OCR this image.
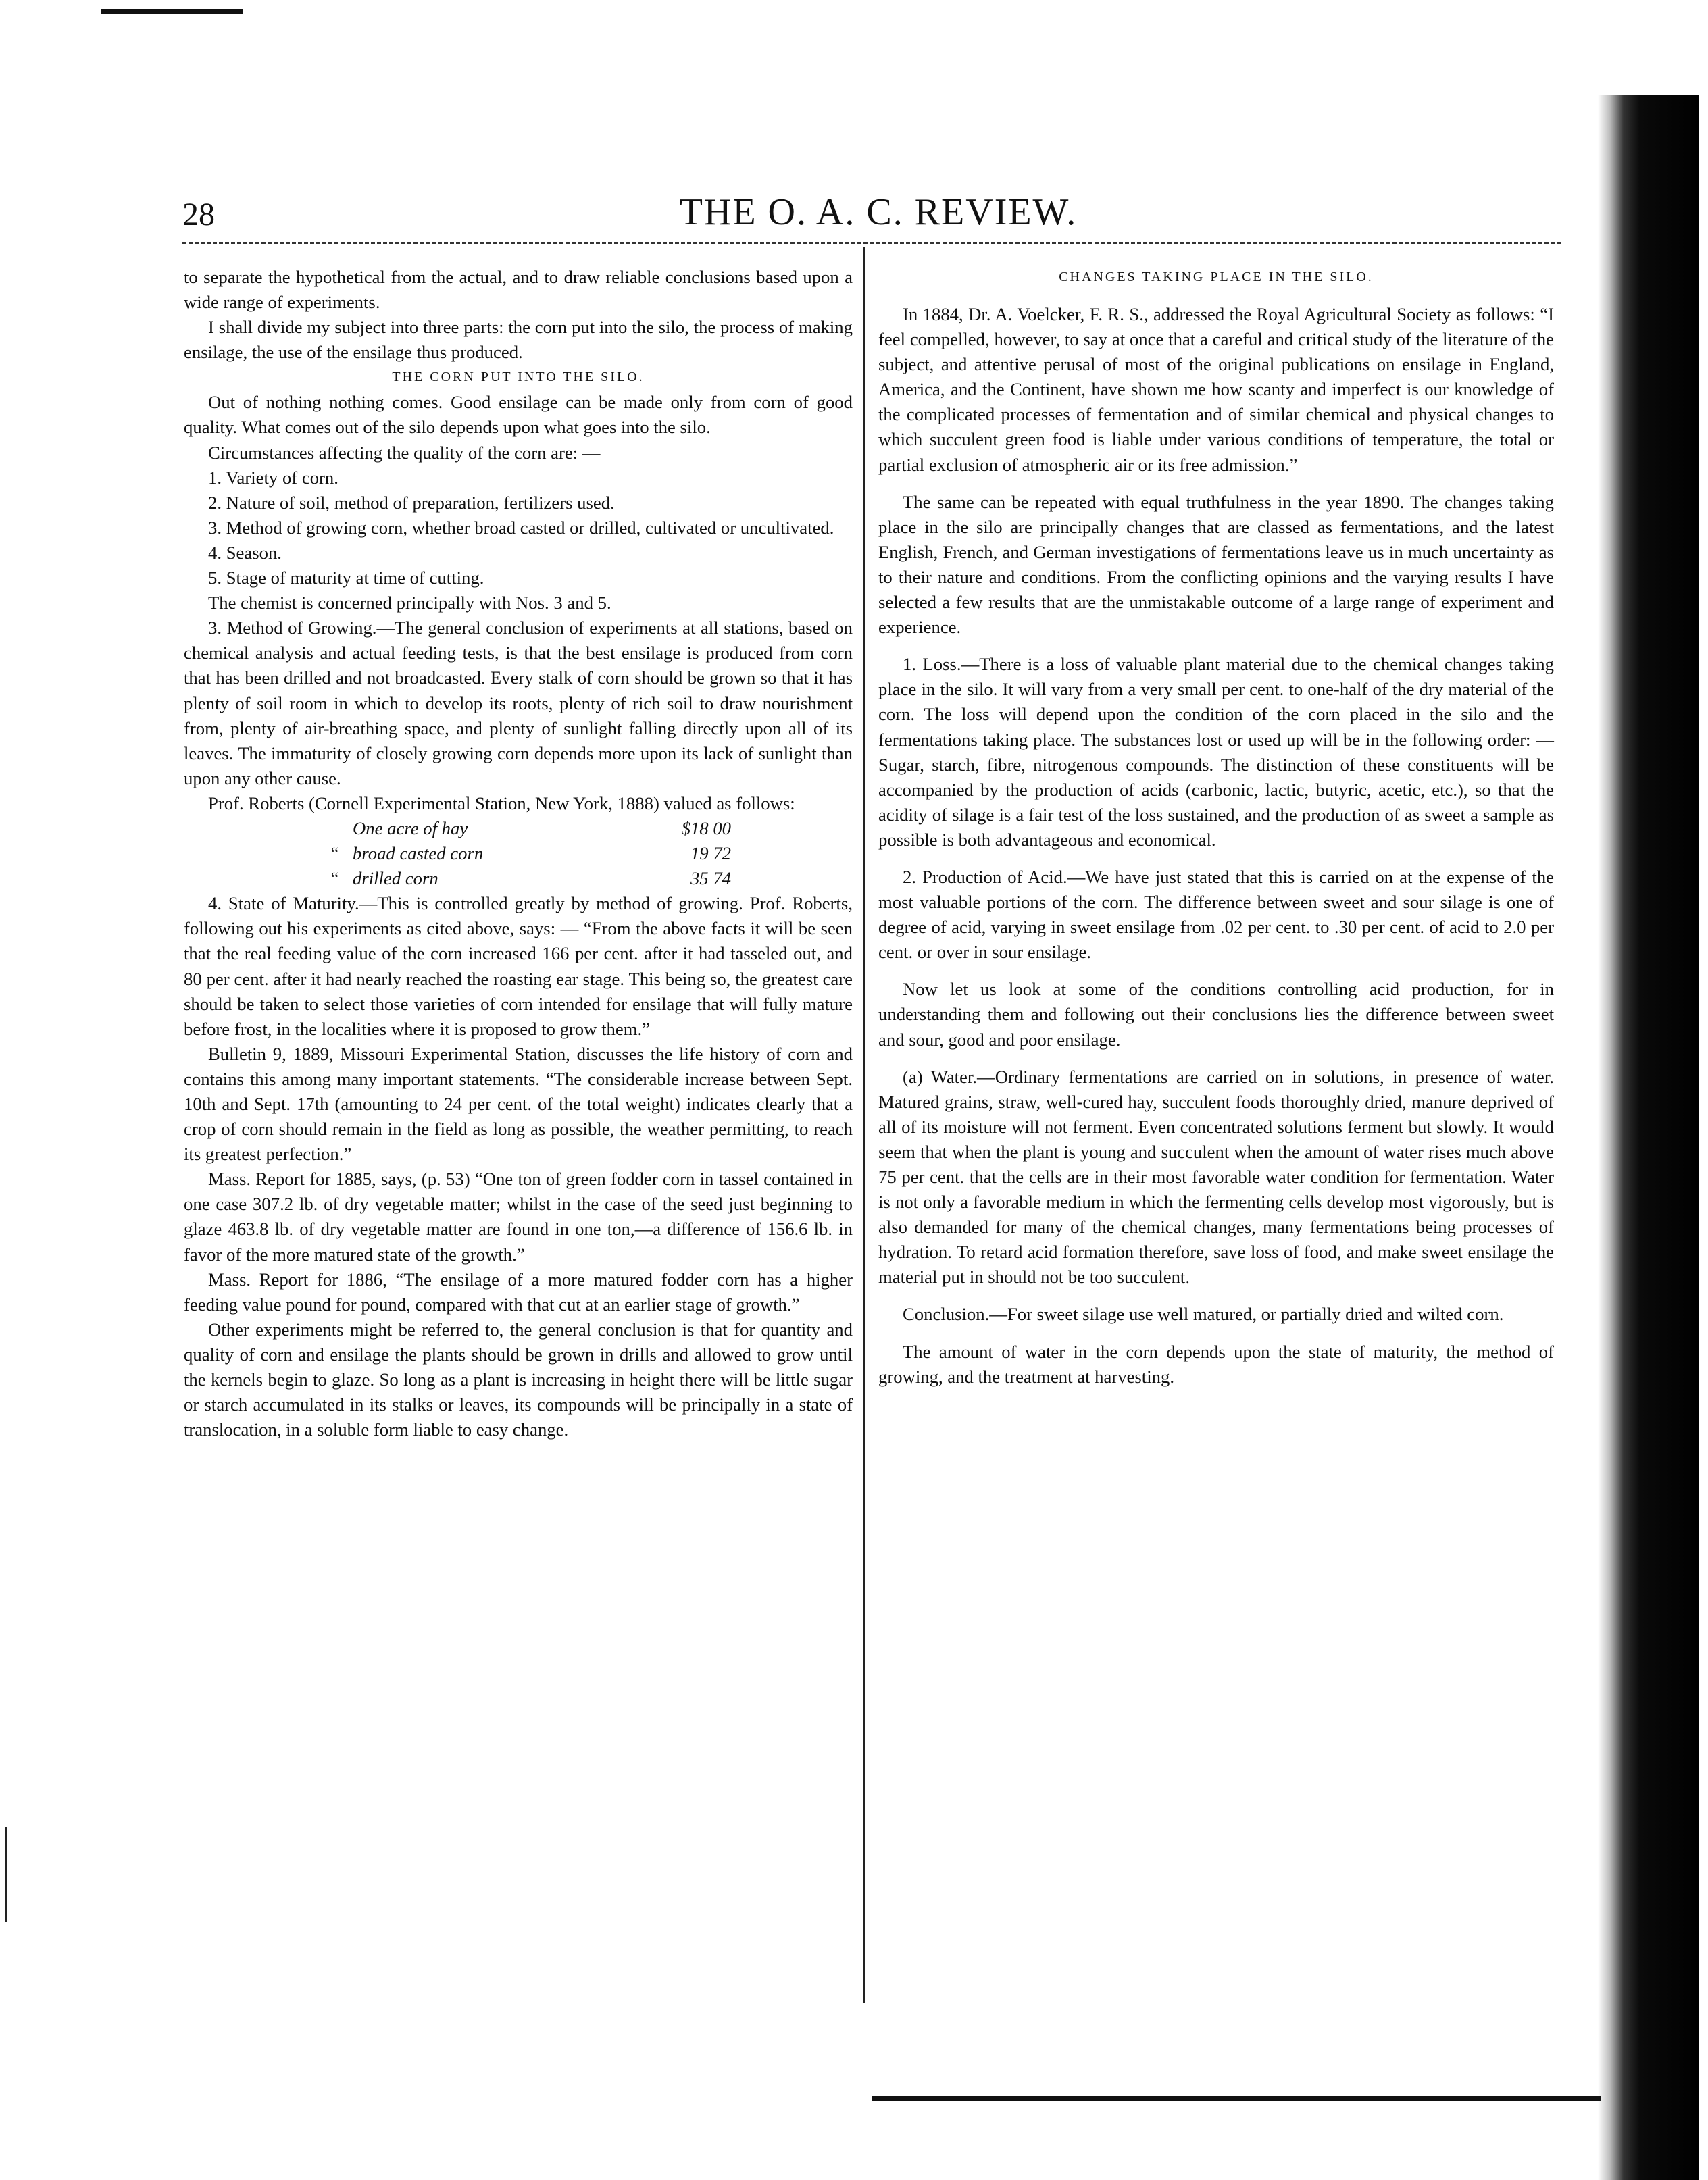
28	THE O. A. C. REVIEW.

to separate the hypothetical from the actual, and to draw reliable conclusions based upon a wide range of experiments.

I shall divide my subject into three parts: the corn put into the silo, the process of making ensilage, the use of the ensilage thus produced.

THE CORN PUT INTO THE SILO.

Out of nothing nothing comes. Good ensilage can be made only from corn of good quality. What comes out of the silo depends upon what goes into the silo.

Circumstances affecting the quality of the corn are: —

1. Variety of corn.

2. Nature of soil, method of preparation, fertilizers used.

3. Method of growing corn, whether broad casted or drilled, cultivated or uncultivated.

4. Season.

5. Stage of maturity at time of cutting.

The chemist is concerned principally with Nos. 3 and 5.

3. Method of Growing.—The general conclusion of experiments at all stations, based on chemical analysis and actual feeding tests, is that the best ensilage is produced from corn that has been drilled and not broadcasted. Every stalk of corn should be grown so that it has plenty of soil room in which to develop its roots, plenty of rich soil to draw nourishment from, plenty of air-breathing space, and plenty of sunlight falling directly upon all of its leaves. The immaturity of closely growing corn depends more upon its lack of sunlight than upon any other cause.

Prof. Roberts (Cornell Experimental Station, New York, 1888) valued as follows:

One acre of hay	$18 00
“ broad casted corn	19 72
“ drilled corn	35 74

4. State of Maturity.—This is controlled greatly by method of growing. Prof. Roberts, following out his experiments as cited above, says: — “From the above facts it will be seen that the real feeding value of the corn increased 166 per cent. after it had tasseled out, and 80 per cent. after it had nearly reached the roasting ear stage. This being so, the greatest care should be taken to select those varieties of corn intended for ensilage that will fully mature before frost, in the localities where it is proposed to grow them.”

Bulletin 9, 1889, Missouri Experimental Station, discusses the life history of corn and contains this among many important statements. “The considerable increase between Sept. 10th and Sept. 17th (amounting to 24 per cent. of the total weight) indicates clearly that a crop of corn should remain in the field as long as possible, the weather permitting, to reach its greatest perfection.”

Mass. Report for 1885, says, (p. 53) “One ton of green fodder corn in tassel contained in one case 307.2 lb. of dry vegetable matter; whilst in the case of the seed just beginning to glaze 463.8 lb. of dry vegetable matter are found in one ton,—a difference of 156.6 lb. in favor of the more matured state of the growth.”

Mass. Report for 1886, “The ensilage of a more matured fodder corn has a higher feeding value pound for pound, compared with that cut at an earlier stage of growth.”

Other experiments might be referred to, the general conclusion is that for quantity and quality of corn and ensilage the plants should be grown in drills and allowed to grow until the kernels begin to glaze. So long as a plant is increasing in height there will be little sugar or starch accumulated in its stalks or leaves, its compounds will be principally in a state of translocation, in a soluble form liable to easy change.

CHANGES TAKING PLACE IN THE SILO.

In 1884, Dr. A. Voelcker, F. R. S., addressed the Royal Agricultural Society as follows: “I feel compelled, however, to say at once that a careful and critical study of the literature of the subject, and attentive perusal of most of the original publications on ensilage in England, America, and the Continent, have shown me how scanty and imperfect is our knowledge of the complicated processes of fermentation and of similar chemical and physical changes to which succulent green food is liable under various conditions of temperature, the total or partial exclusion of atmospheric air or its free admission.”

The same can be repeated with equal truthfulness in the year 1890. The changes taking place in the silo are principally changes that are classed as fermentations, and the latest English, French, and German investigations of fermentations leave us in much uncertainty as to their nature and conditions. From the conflicting opinions and the varying results I have selected a few results that are the unmistakable outcome of a large range of experiment and experience.

1. Loss.—There is a loss of valuable plant material due to the chemical changes taking place in the silo. It will vary from a very small per cent. to one-half of the dry material of the corn. The loss will depend upon the condition of the corn placed in the silo and the fermentations taking place. The substances lost or used up will be in the following order: — Sugar, starch, fibre, nitrogenous compounds. The distinction of these constituents will be accompanied by the production of acids (carbonic, lactic, butyric, acetic, etc.), so that the acidity of silage is a fair test of the loss sustained, and the production of as sweet a sample as possible is both advantageous and economical.

2. Production of Acid.—We have just stated that this is carried on at the expense of the most valuable portions of the corn. The difference between sweet and sour silage is one of degree of acid, varying in sweet ensilage from .02 per cent. to .30 per cent. of acid to 2.0 per cent. or over in sour ensilage.

Now let us look at some of the conditions controlling acid production, for in understanding them and following out their conclusions lies the difference between sweet and sour, good and poor ensilage.

(a) Water.—Ordinary fermentations are carried on in solutions, in presence of water. Matured grains, straw, well-cured hay, succulent foods thoroughly dried, manure deprived of all of its moisture will not ferment. Even concentrated solutions ferment but slowly. It would seem that when the plant is young and succulent when the amount of water rises much above 75 per cent. that the cells are in their most favorable water condition for fermentation. Water is not only a favorable medium in which the fermenting cells develop most vigorously, but is also demanded for many of the chemical changes, many fermentations being processes of hydration. To retard acid formation therefore, save loss of food, and make sweet ensilage the material put in should not be too succulent.

Conclusion.—For sweet silage use well matured, or partially dried and wilted corn.

The amount of water in the corn depends upon the state of maturity, the method of growing, and the treatment at harvesting.
